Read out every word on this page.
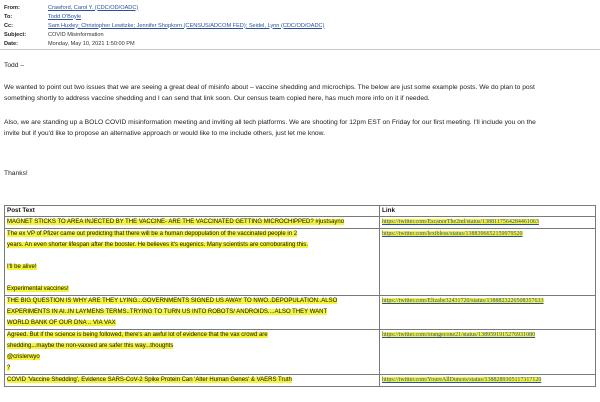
From:	Crawford, Carol Y. (CDC/OD/OADC)
To:	Todd O'Boyle
Cc:	Sam Huxley; Christopher Lewitzke; Jennifer Shopkorn (CENSUS/ADCOM FED); Seidel, Lynn (CDC/OD/OADC)
Subject:	COVID Misinformation
Date:	Monday, May 10, 2021 1:50:00 PM
Todd –
We wanted to point out two issues that we are seeing a great deal of misinfo about – vaccine shedding and microchips. The below are just some example posts. We do plan to post
something shortly to address vaccine shedding and I can send that link soon. Our census team copied here, has much more info on it if needed.
Also, we are standing up a BOLO COVID misinformation meeting and inviting all tech platforms. We are shooting for 12pm EST on Friday for our first meeting. I'll include you on the
invite but if you'd like to propose an alternative approach or would like to me include others, just let me know.
Thanks!
Post Text	Link

MAGNET STICKS TO AREA INJECTED BY THE VACCINE- ARE THE VACCINATED GETTING MICROCHIPPED? #justsayno	https://twitter.com/EscanorThe2nd/status/1388117564284461063

The ex VP of Pfizer came out predicting that there will be a human depopulation of the vaccinated people in 2
years. An even shorter lifespan after the booster. He believes it's eugenics. Many scientists are corroborating this.
I'll be alive!
Experimental vaccines!	https://twitter.com/lexibless/status/1388396652159979520

THE BIG QUESTION IS WHY ARE THEY LYING...GOVERNMENTS SIGNED US AWAY TO NWO..DEPOPULATION..ALSO
EXPERIMENTS IN AI..IN LAYMENS TERMS..TRYING TO TURN US INTO ROBOTS/ ANDROIDS....ALSO THEY WANT
WORLD BANK OF OUR DNA .. VIA VAX	https://twitter.com/Elizabe32431720/status/1388823226508357633

Agreed. But if the science is being followed, there's an awful lot of evidence that the vax crowd are
shedding...maybe the non-vaxxed are safer this way...thoughts
@crislerwyo
?	https://twitter.com/orangecone21/status/1389591915276931080

COVID 'Vaccine Shedding', Evidence SARS-CoV-2 Spike Protein Can 'Alter Human Genes' & VAERS Truth	https://twitter.com/YoureAllDunces/status/1388289305117317120
